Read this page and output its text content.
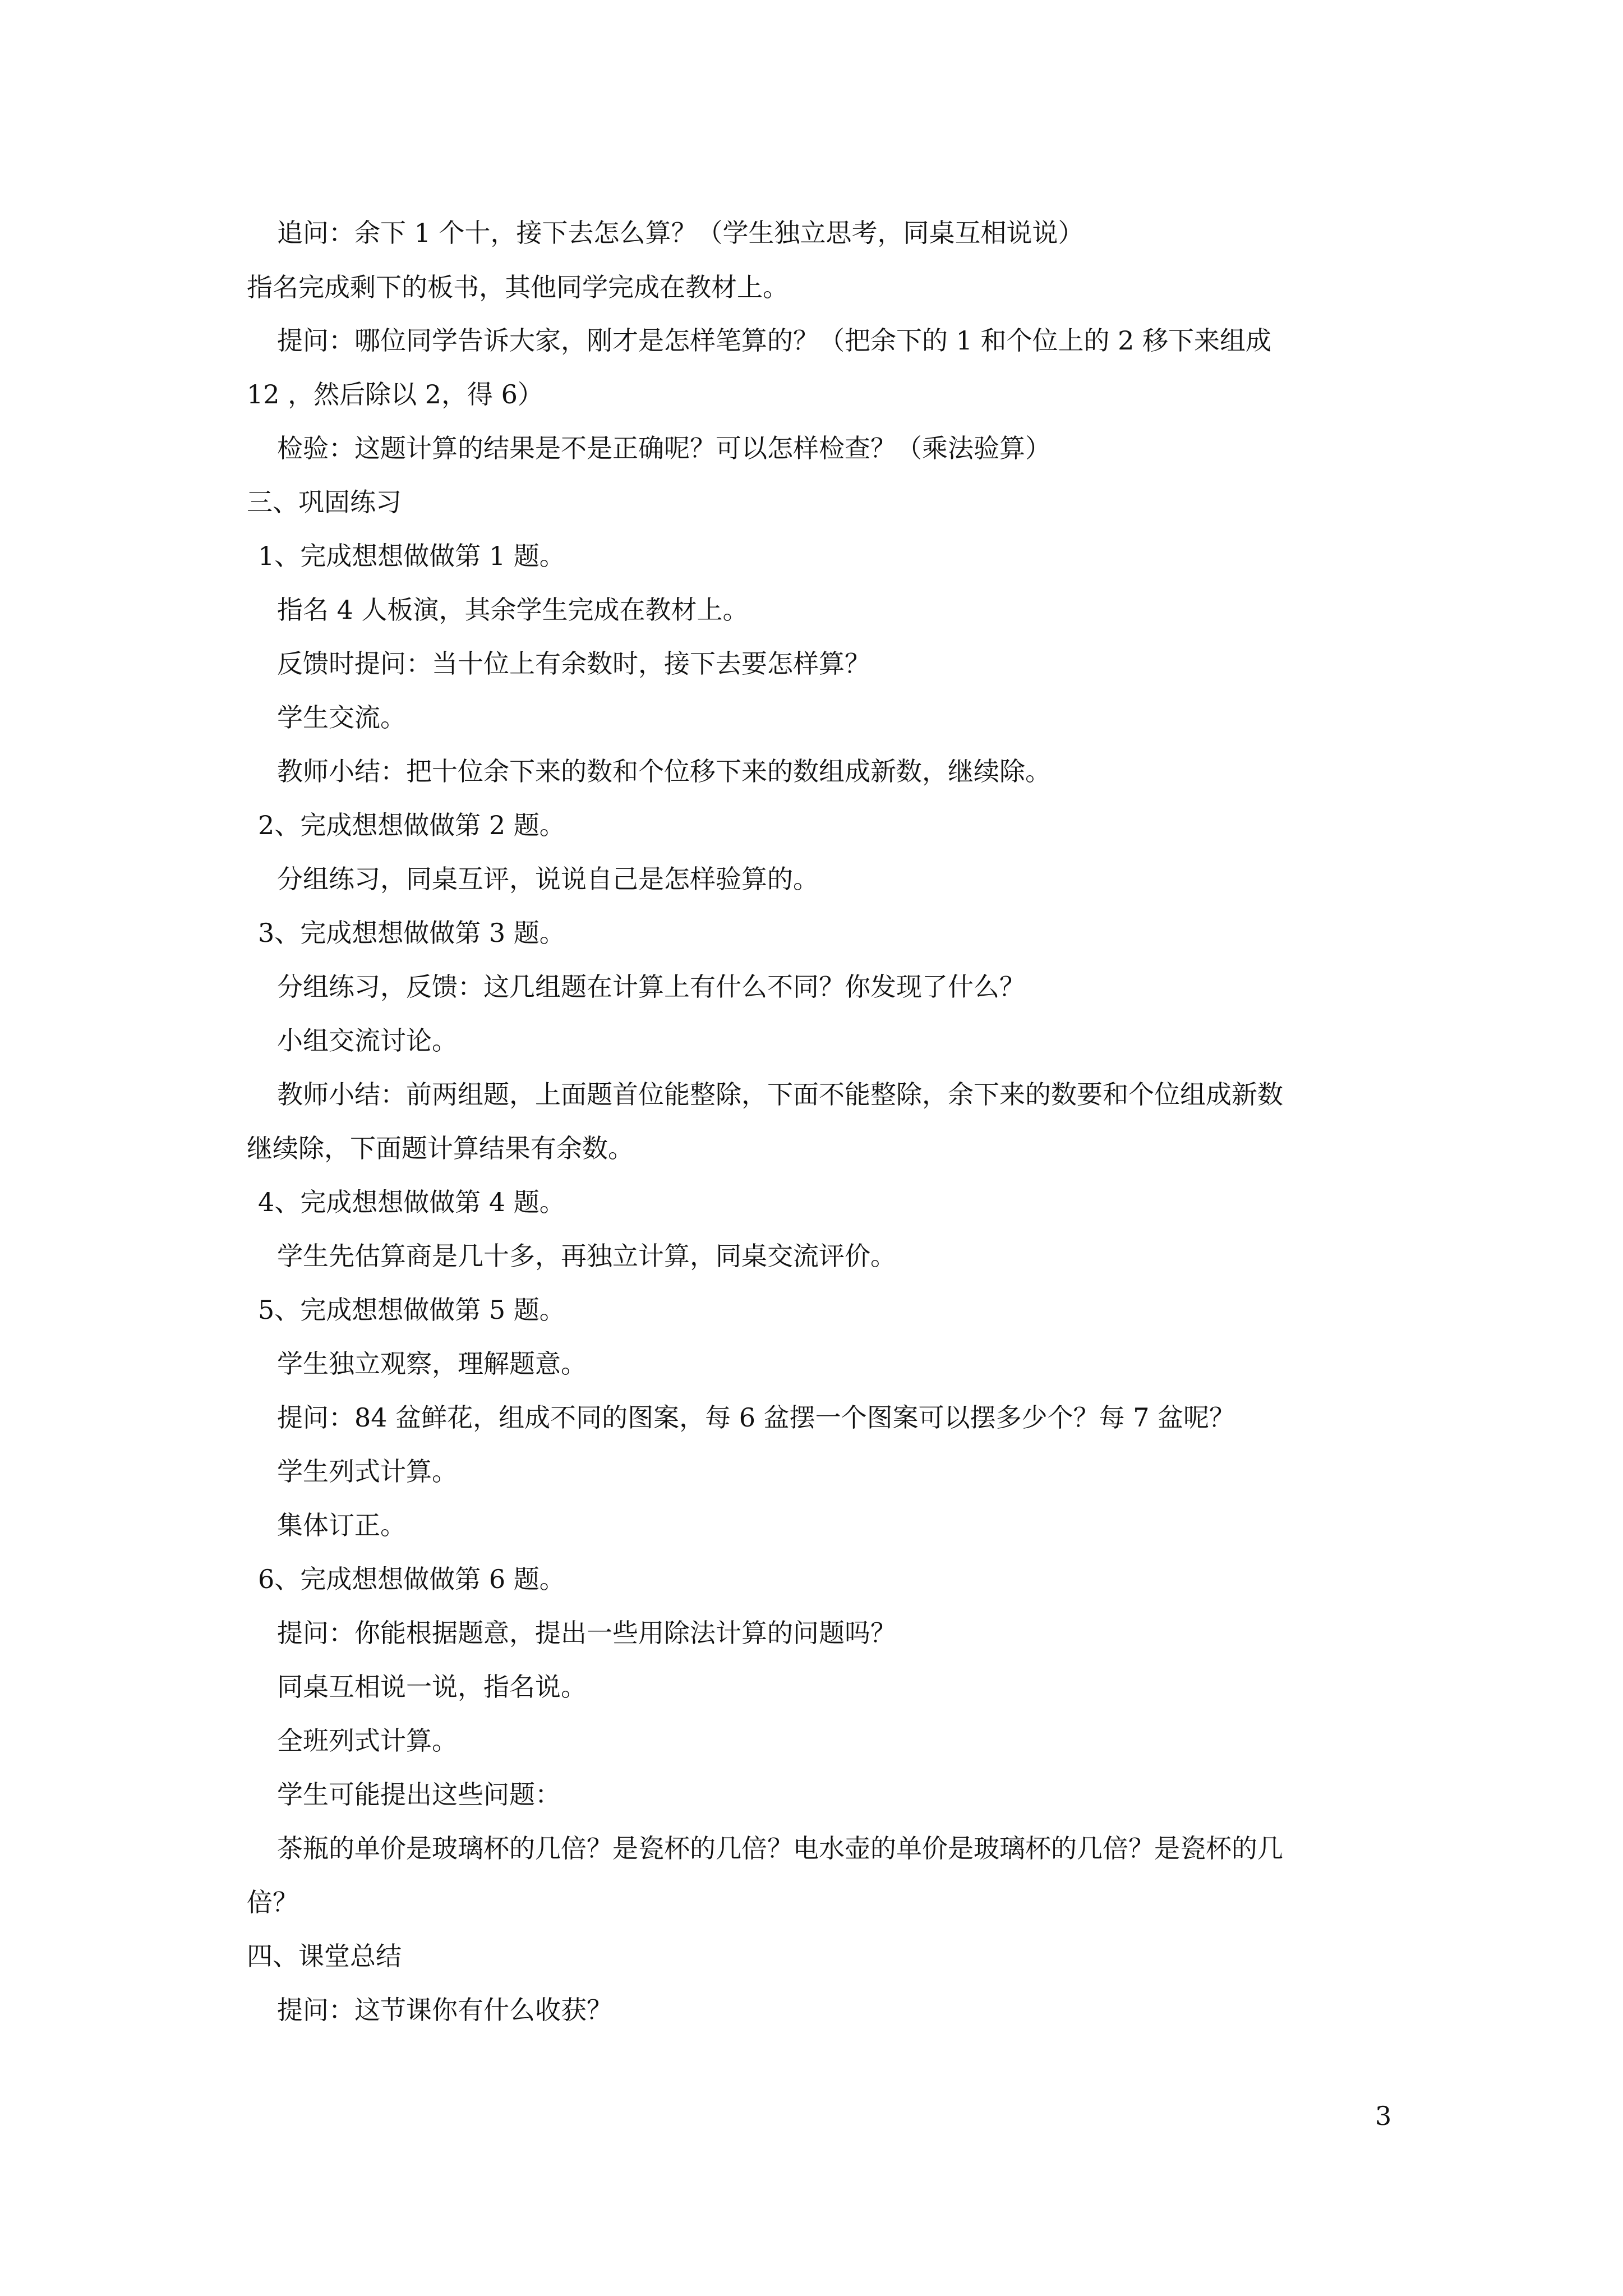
追问：余下 1 个十，接下去怎么算？（学生独立思考，同桌互相说说）
指名完成剩下的板书，其他同学完成在教材上。
提问：哪位同学告诉大家，刚才是怎样笔算的？（把余下的 1 和个位上的 2 移下来组成
12 ，然后除以 2，得 6）
检验：这题计算的结果是不是正确呢？可以怎样检查？（乘法验算）
三、巩固练习
1、完成想想做做第 1 题。
指名 4 人板演，其余学生完成在教材上。
反馈时提问：当十位上有余数时，接下去要怎样算？
学生交流。
教师小结：把十位余下来的数和个位移下来的数组成新数，继续除。
2、完成想想做做第 2 题。
分组练习，同桌互评，说说自己是怎样验算的。
3、完成想想做做第 3 题。
分组练习，反馈：这几组题在计算上有什么不同？你发现了什么？
小组交流讨论。
教师小结：前两组题，上面题首位能整除，下面不能整除，余下来的数要和个位组成新数
继续除，下面题计算结果有余数。
4、完成想想做做第 4 题。
学生先估算商是几十多，再独立计算，同桌交流评价。
5、完成想想做做第 5 题。
学生独立观察，理解题意。
提问：84 盆鲜花，组成不同的图案，每 6 盆摆一个图案可以摆多少个？每 7 盆呢？
学生列式计算。
集体订正。
6、完成想想做做第 6 题。
提问：你能根据题意，提出一些用除法计算的问题吗？
同桌互相说一说，指名说。
全班列式计算。
学生可能提出这些问题：
茶瓶的单价是玻璃杯的几倍？是瓷杯的几倍？电水壶的单价是玻璃杯的几倍？是瓷杯的几
倍？
四、课堂总结
提问：这节课你有什么收获？
3
